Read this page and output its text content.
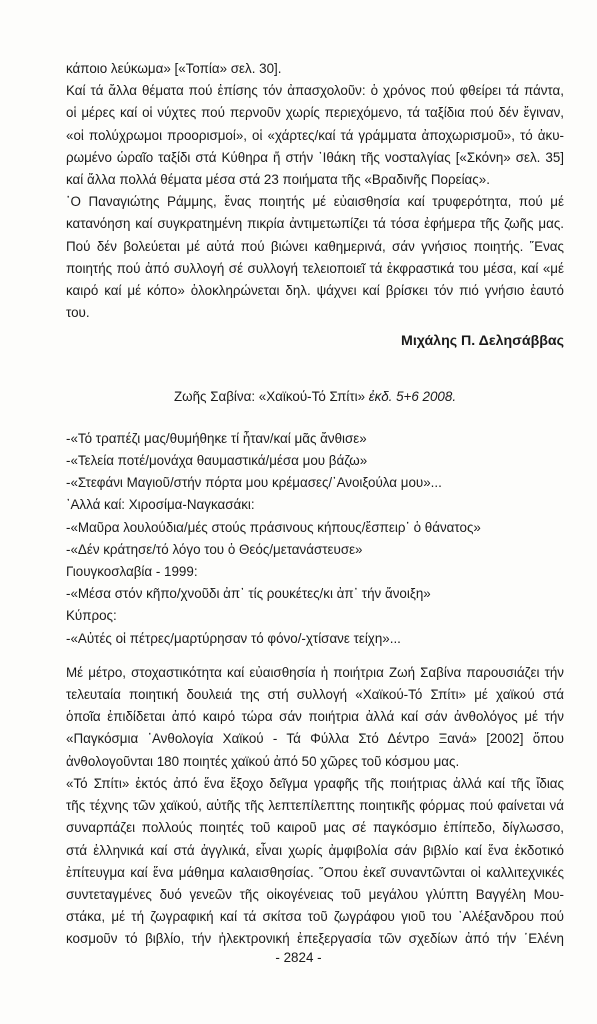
κάποιο λεύκωμα» [«Τοπία» σελ. 30].
Καί τά ἄλλα θέματα πού ἐπίσης τόν ἀπασχολοῦν: ὁ χρόνος πού φθείρει τά πάντα,
οἱ μέρες καί οἱ νύχτες πού περνοῦν χωρίς περιεχόμενο, τά ταξίδια πού δέν ἔγιναν,
«οἱ πολύχρωμοι προορισμοί», οἱ «χάρτες/καί τά γράμματα ἀποχωρισμοῦ», τό ἀκυ-
ρωμένο ὡραῖο ταξίδι στά Κύθηρα ἤ στήν ᾿Ιθάκη τῆς νοσταλγίας [«Σκόνη» σελ. 35]
καί ἄλλα πολλά θέματα μέσα στά 23 ποιήματα τῆς «Βραδινῆς Πορείας».
῾Ο Παναγιώτης Ράμμης, ἕνας ποιητής μέ εὐαισθησία καί τρυφερότητα, πού μέ
κατανόηση καί συγκρατημένη πικρία ἀντιμετωπίζει τά τόσα ἐφήμερα τῆς ζωῆς μας.
Πού δέν βολεύεται μέ αὐτά πού βιώνει καθημερινά, σάν γνήσιος ποιητής. ῞Ενας
ποιητής πού ἀπό συλλογή σέ συλλογή τελειοποιεῖ τά ἐκφραστικά του μέσα, καί «μέ
καιρό καί μέ κόπο» ὁλοκληρώνεται δηλ. ψάχνει καί βρίσκει τόν πιό γνήσιο ἑαυτό
του.
Μιχάλης Π. Δελησάββας
Ζωῆς Σαβίνα: «Χαϊκού-Τό Σπίτι» ἐκδ. 5+6 2008.
-«Τό τραπέζι μας/θυμήθηκε τί ἦταν/καί μᾶς ἄνθισε»
-«Τελεία ποτέ/μονάχα θαυμαστικά/μέσα μου βάζω»
-«Στεφάνι Μαγιοῦ/στήν πόρτα μου κρέμασες/᾿Ανοιξούλα μου»...
᾿Αλλά καί: Χιροσίμα-Ναγκασάκι:
-«Μαῦρα λουλούδια/μές στούς πράσινους κήπους/ἔσπειρ᾿ ὁ θάνατος»
-«Δέν κράτησε/τό λόγο του ὁ Θεός/μετανάστευσε»
Γιουγκοσλαβία - 1999:
-«Μέσα στόν κῆπο/χνοῦδι ἀπ᾿ τίς ρουκέτες/κι ἀπ᾿ τήν ἄνοιξη»
Κύπρος:
-«Αὐτές οἱ πέτρες/μαρτύρησαν τό φόνο/-χτίσανε τείχη»...
Μέ μέτρο, στοχαστικότητα καί εὐαισθησία ἡ ποιήτρια Ζωή Σαβίνα παρουσιάζει τήν
τελευταία ποιητική δουλειά της στή συλλογή «Χαϊκού-Τό Σπίτι» μέ χαϊκού στά
ὁποῖα ἐπιδίδεται ἀπό καιρό τώρα σάν ποιήτρια ἀλλά καί σάν ἀνθολόγος μέ τήν
«Παγκόσμια ᾿Ανθολογία Χαϊκού - Τά Φύλλα Στό Δέντρο Ξανά» [2002] ὅπου
ἀνθολογοῦνται 180 ποιητές χαϊκού ἀπό 50 χῶρες τοῦ κόσμου μας.
«Τό Σπίτι» ἐκτός ἀπό ἕνα ἔξοχο δεῖγμα γραφῆς τῆς ποιήτριας ἀλλά καί τῆς ἴδιας
τῆς τέχνης τῶν χαϊκού, αὐτῆς τῆς λεπτεπίλεπτης ποιητικῆς φόρμας πού φαίνεται νά
συναρπάζει πολλούς ποιητές τοῦ καιροῦ μας σέ παγκόσμιο ἐπίπεδο, δίγλωσσο,
στά ἑλληνικά καί στά ἀγγλικά, εἶναι χωρίς ἀμφιβολία σάν βιβλίο καί ἕνα ἐκδοτικό
ἐπίτευγμα καί ἕνα μάθημα καλαισθησίας. ῞Οπου ἐκεῖ συναντῶνται οἱ καλλιτεχνικές
συντεταγμένες δυό γενεῶν τῆς οἰκογένειας τοῦ μεγάλου γλύπτη Βαγγέλη Μου-
στάκα, μέ τή ζωγραφική καί τά σκίτσα τοῦ ζωγράφου γιοῦ του ᾿Αλέξανδρου πού
κοσμοῦν τό βιβλίο, τήν ἠλεκτρονική ἐπεξεργασία τῶν σχεδίων ἀπό τήν ῾Ελένη
- 2824 -
